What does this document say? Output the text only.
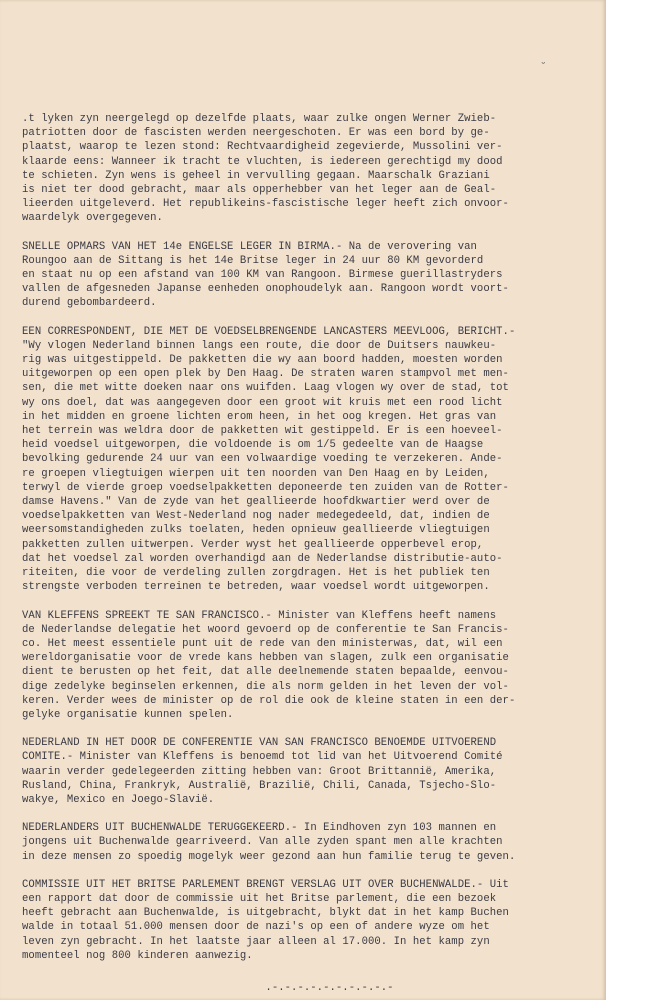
˘
.t lyken zyn neergelegd op dezelfde plaats, waar zulke ongen Werner Zwieb-
patriotten door de fascisten werden neergeschoten. Er was een bord by ge-
plaatst, waarop te lezen stond: Rechtvaardigheid zegevierde, Mussolini ver-
klaarde eens: Wanneer ik tracht te vluchten, is iedereen gerechtigd my dood
te schieten. Zyn wens is geheel in vervulling gegaan. Maarschalk Graziani
is niet ter dood gebracht, maar als opperhebber van het leger aan de Geal-
lieerden uitgeleverd. Het republikeins-fascistische leger heeft zich onvoor-
waardelyk overgegeven.
SNELLE OPMARS VAN HET 14e ENGELSE LEGER IN BIRMA.- Na de verovering van
Roungoo aan de Sittang is het 14e Britse leger in 24 uur 80 KM gevorderd
en staat nu op een afstand van 100 KM van Rangoon. Birmese guerillastryders
vallen de afgesneden Japanse eenheden onophoudelyk aan. Rangoon wordt voort-
durend gebombardeerd.
EEN CORRESPONDENT, DIE MET DE VOEDSELBRENGENDE LANCASTERS MEEVLOOG, BERICHT.-
"Wy vlogen Nederland binnen langs een route, die door de Duitsers nauwkeu-
rig was uitgestippeld. De pakketten die wy aan boord hadden, moesten worden
uitgeworpen op een open plek by Den Haag. De straten waren stampvol met men-
sen, die met witte doeken naar ons wuifden. Laag vlogen wy over de stad, tot
wy ons doel, dat was aangegeven door een groot wit kruis met een rood licht
in het midden en groene lichten erom heen, in het oog kregen. Het gras van
het terrein was weldra door de pakketten wit gestippeld. Er is een hoeveel-
heid voedsel uitgeworpen, die voldoende is om 1/5 gedeelte van de Haagse
bevolking gedurende 24 uur van een volwaardige voeding te verzekeren. Ande-
re groepen vliegtuigen wierpen uit ten noorden van Den Haag en by Leiden,
terwyl de vierde groep voedselpakketten deponeerde ten zuiden van de Rotter-
damse Havens." Van de zyde van het geallieerde hoofdkwartier werd over de
voedselpakketten van West-Nederland nog nader medegedeeld, dat, indien de
weersomstandigheden zulks toelaten, heden opnieuw geallieerde vliegtuigen
pakketten zullen uitwerpen. Verder wyst het geallieerde opperbevel erop,
dat het voedsel zal worden overhandigd aan de Nederlandse distributie-auto-
riteiten, die voor de verdeling zullen zorgdragen. Het is het publiek ten
strengste verboden terreinen te betreden, waar voedsel wordt uitgeworpen.
VAN KLEFFENS SPREEKT TE SAN FRANCISCO.- Minister van Kleffens heeft namens
de Nederlandse delegatie het woord gevoerd op de conferentie te San Francis-
co. Het meest essentiele punt uit de rede van den ministerwas, dat, wil een
wereldorganisatie voor de vrede kans hebben van slagen, zulk een organisatie
dient te berusten op het feit, dat alle deelnemende staten bepaalde, eenvou-
dige zedelyke beginselen erkennen, die als norm gelden in het leven der vol-
keren. Verder wees de minister op de rol die ook de kleine staten in een der-
gelyke organisatie kunnen spelen.
NEDERLAND IN HET DOOR DE CONFERENTIE VAN SAN FRANCISCO BENOEMDE UITVOEREND
COMITE.- Minister van Kleffens is benoemd tot lid van het Uitvoerend Comité
waarin verder gedelegeerden zitting hebben van: Groot Brittannië, Amerika,
Rusland, China, Frankryk, Australië, Brazilië, Chili, Canada, Tsjecho-Slo-
wakye, Mexico en Joego-Slavië.
NEDERLANDERS UIT BUCHENWALDE TERUGGEKEERD.- In Eindhoven zyn 103 mannen en
jongens uit Buchenwalde gearriveerd. Van alle zyden spant men alle krachten
in deze mensen zo spoedig mogelyk weer gezond aan hun familie terug te geven.
COMMISSIE UIT HET BRITSE PARLEMENT BRENGT VERSLAG UIT OVER BUCHENWALDE.- Uit
een rapport dat door de commissie uit het Britse parlement, die een bezoek
heeft gebracht aan Buchenwalde, is uitgebracht, blykt dat in het kamp Buchen
walde in totaal 51.000 mensen door de nazi's op een of andere wyze om het
leven zyn gebracht. In het laatste jaar alleen al 17.000. In het kamp zyn
momenteel nog 800 kinderen aanwezig.
.-.-.-.-.-.-.-.-.-.-
